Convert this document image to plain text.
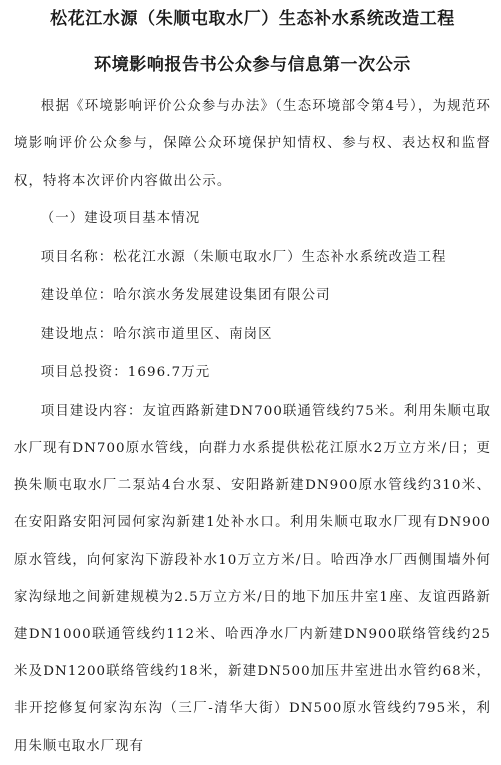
松花江水源（朱顺屯取水厂）生态补水系统改造工程
环境影响报告书公众参与信息第一次公示

根据《环境影响评价公众参与办法》（生态环境部令第4号），为规范环境影响评价公众参与，保障公众环境保护知情权、参与权、表达权和监督权，特将本次评价内容做出公示。

（一）建设项目基本情况

项目名称：松花江水源（朱顺屯取水厂）生态补水系统改造工程

建设单位：哈尔滨水务发展建设集团有限公司

建设地点：哈尔滨市道里区、南岗区

项目总投资：1696.7万元

项目建设内容：友谊西路新建DN700联通管线约75米。利用朱顺屯取水厂现有DN700原水管线，向群力水系提供松花江原水2万立方米/日；更换朱顺屯取水厂二泵站4台水泵、安阳路新建DN900原水管线约310米、在安阳路安阳河园何家沟新建1处补水口。利用朱顺屯取水厂现有DN900原水管线，向何家沟下游段补水10万立方米/日。哈西净水厂西侧围墙外何家沟绿地之间新建规模为2.5万立方米/日的地下加压井室1座、友谊西路新建DN1000联通管线约112米、哈西净水厂内新建DN900联络管线约25米及DN1200联络管线约18米，新建DN500加压井室进出水管约68米，非开挖修复何家沟东沟（三厂-清华大街）DN500原水管线约795米，利用朱顺屯取水厂现有
